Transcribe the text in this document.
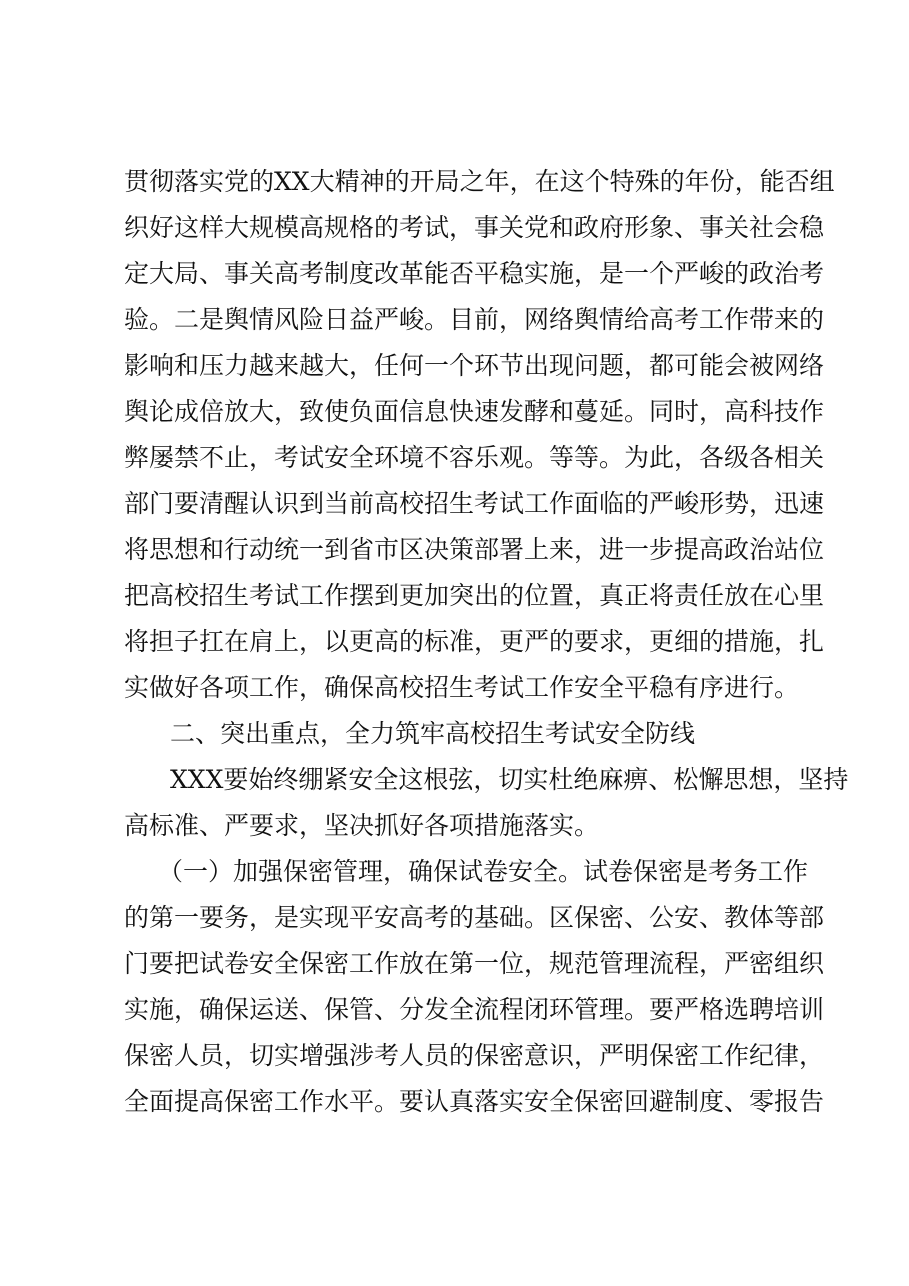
贯彻落实党的XX大精神的开局之年，在这个特殊的年份，能否组
织好这样大规模高规格的考试，事关党和政府形象、事关社会稳
定大局、事关高考制度改革能否平稳实施，是一个严峻的政治考
验。二是舆情风险日益严峻。目前，网络舆情给高考工作带来的
影响和压力越来越大，任何一个环节出现问题，都可能会被网络
舆论成倍放大，致使负面信息快速发酵和蔓延。同时，高科技作
弊屡禁不止，考试安全环境不容乐观。等等。为此，各级各相关
部门要清醒认识到当前高校招生考试工作面临的严峻形势，迅速
将思想和行动统一到省市区决策部署上来，进一步提高政治站位
把高校招生考试工作摆到更加突出的位置，真正将责任放在心里
将担子扛在肩上，以更高的标准，更严的要求，更细的措施，扎
实做好各项工作，确保高校招生考试工作安全平稳有序进行。
二、突出重点，全力筑牢高校招生考试安全防线
XXX要始终绷紧安全这根弦，切实杜绝麻痹、松懈思想，坚持
高标准、严要求，坚决抓好各项措施落实。
（一）加强保密管理，确保试卷安全。试卷保密是考务工作
的第一要务，是实现平安高考的基础。区保密、公安、教体等部
门要把试卷安全保密工作放在第一位，规范管理流程，严密组织
实施，确保运送、保管、分发全流程闭环管理。要严格选聘培训
保密人员，切实增强涉考人员的保密意识，严明保密工作纪律，
全面提高保密工作水平。要认真落实安全保密回避制度、零报告
